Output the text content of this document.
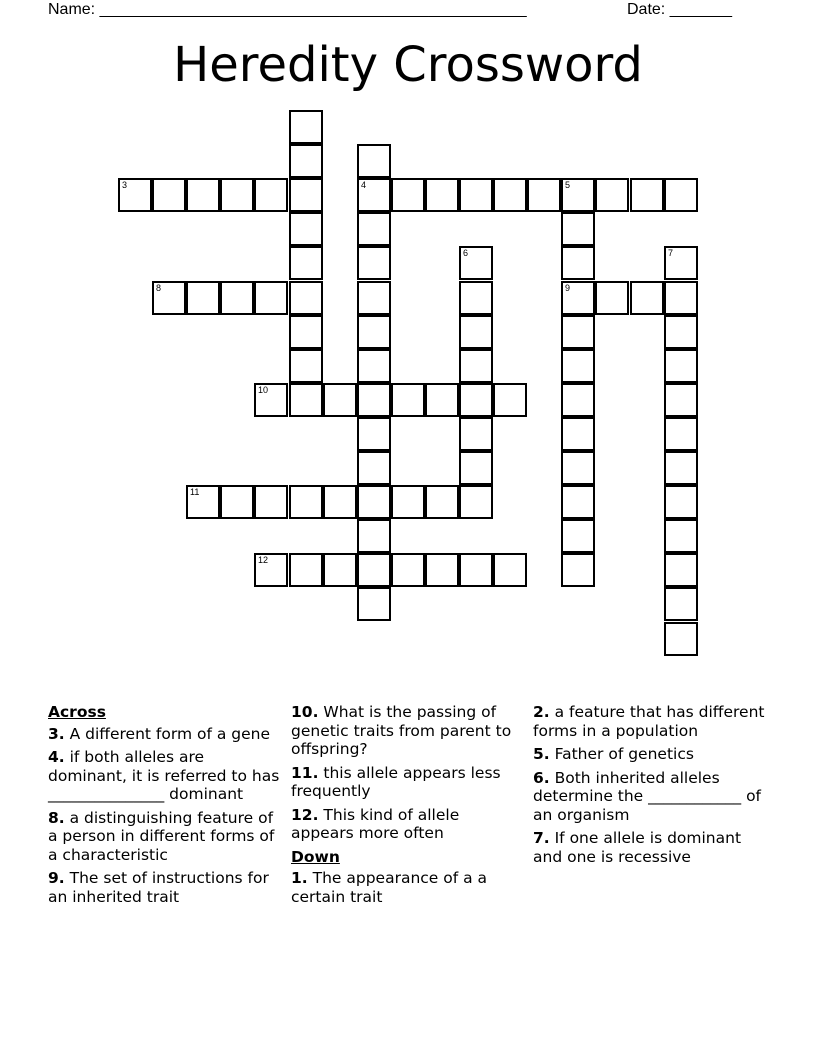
Name: ________________________________________________	Date: _______
Heredity Crossword
4
3	5
9
6	7
8
10
11
12
Across
3. A different form of a gene
4. if both alleles are dominant, it is referred to has _______________ dominant
8. a distinguishing feature of a person in different forms of a characteristic
9. The set of instructions for an inherited trait
10. What is the passing of genetic traits from parent to offspring?
11. this allele appears less frequently
12. This kind of allele appears more often
Down
1. The appearance of a a certain trait
2. a feature that has different forms in a population
5. Father of genetics
6. Both inherited alleles determine the ____________ of an organism
7. If one allele is dominant and one is recessive
